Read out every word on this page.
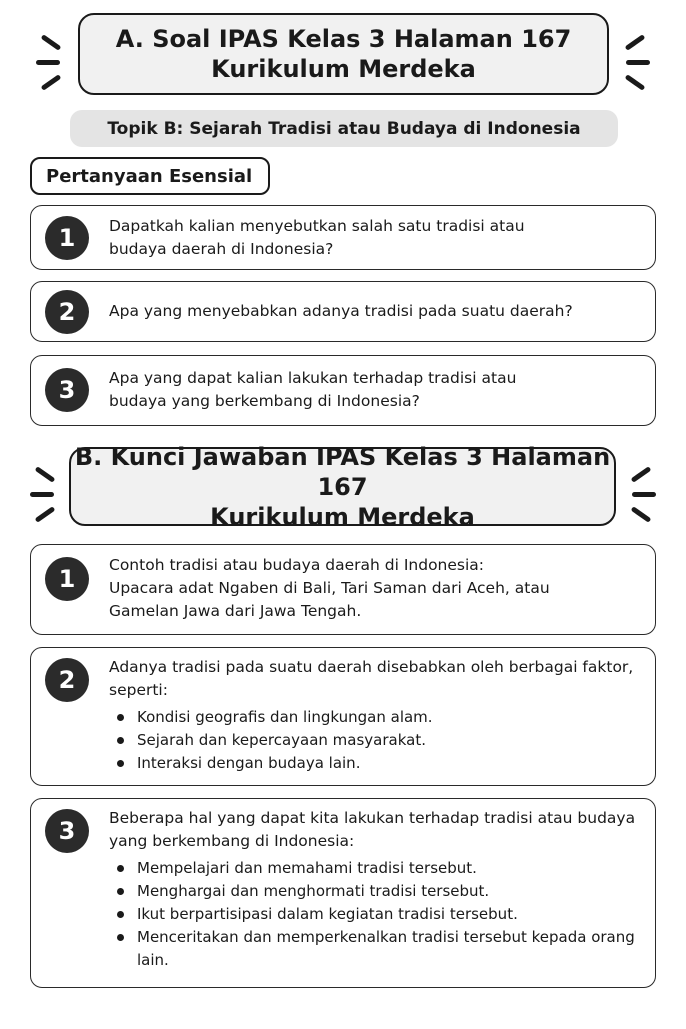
A. Soal IPAS Kelas 3 Halaman 167
Kurikulum Merdeka
Topik B: Sejarah Tradisi atau Budaya di Indonesia
Pertanyaan Esensial
1	Dapatkah kalian menyebutkan salah satu tradisi atau budaya daerah di Indonesia?
2	Apa yang menyebabkan adanya tradisi pada suatu daerah?
3	Apa yang dapat kalian lakukan terhadap tradisi atau budaya yang berkembang di Indonesia?
B. Kunci Jawaban IPAS Kelas 3 Halaman 167
Kurikulum Merdeka
1	Contoh tradisi atau budaya daerah di Indonesia:
Upacara adat Ngaben di Bali, Tari Saman dari Aceh, atau Gamelan Jawa dari Jawa Tengah.
2	Adanya tradisi pada suatu daerah disebabkan oleh berbagai faktor, seperti:
Kondisi geografis dan lingkungan alam.
Sejarah dan kepercayaan masyarakat.
Interaksi dengan budaya lain.
3	Beberapa hal yang dapat kita lakukan terhadap tradisi atau budaya yang berkembang di Indonesia:
Mempelajari dan memahami tradisi tersebut.
Menghargai dan menghormati tradisi tersebut.
Ikut berpartisipasi dalam kegiatan tradisi tersebut.
Menceritakan dan memperkenalkan tradisi tersebut kepada orang lain.
